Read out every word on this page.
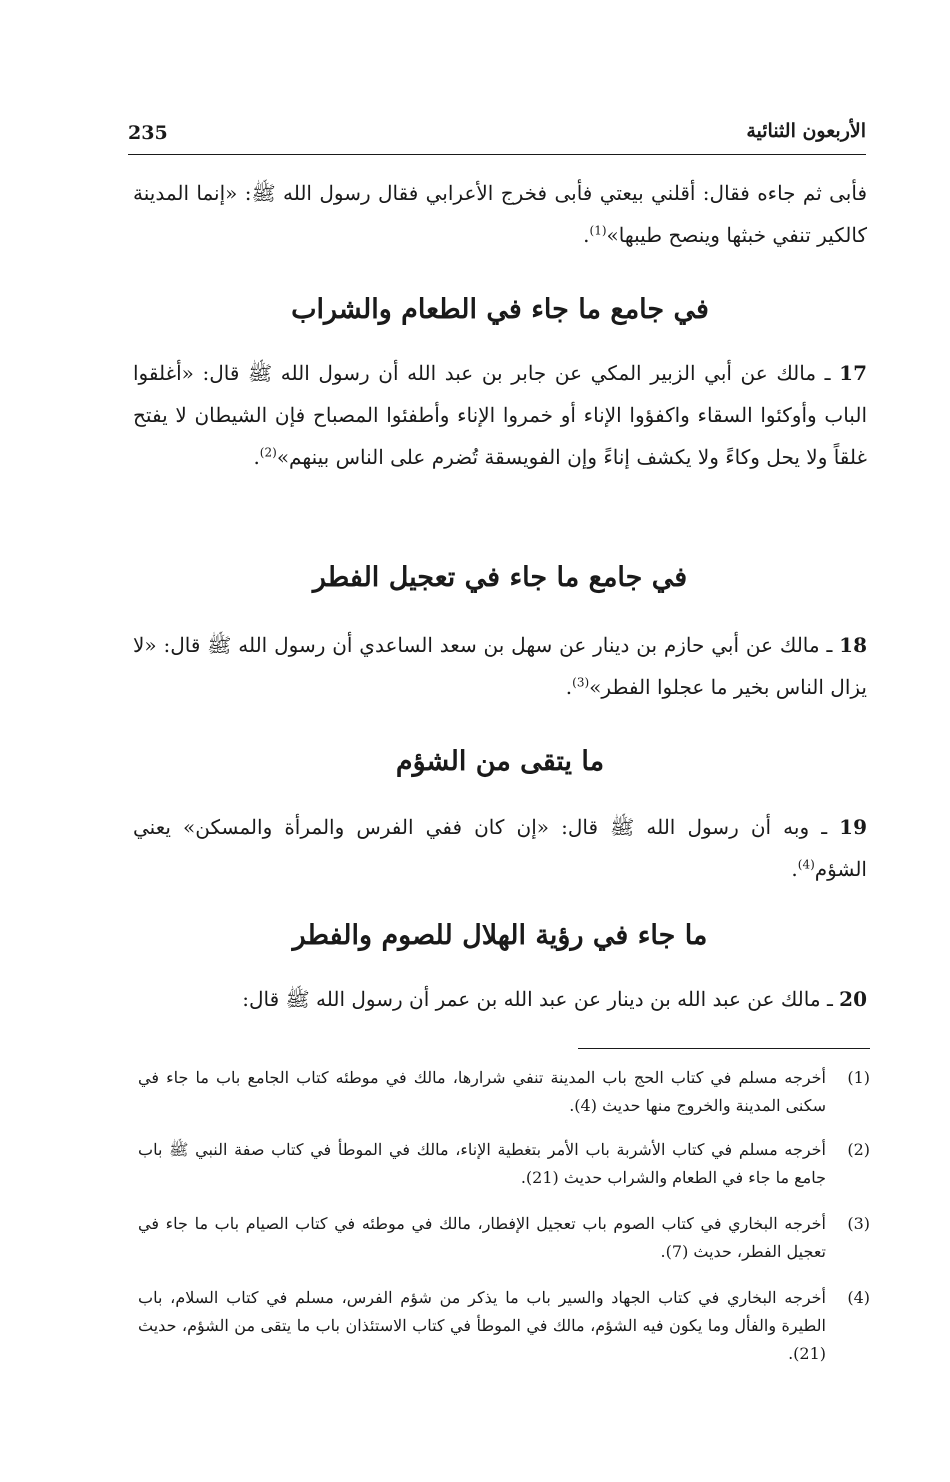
235	الأربعون الثنائية

فأبى ثم جاءه فقال: أقلني بيعتي فأبى فخرج الأعرابي فقال رسول الله ﷺ: «إنما المدينة كالكير تنفي خبثها وينصح طيبها»$^{(1)}$.

في جامع ما جاء في الطعام والشراب

17 ـ مالك عن أبي الزبير المكي عن جابر بن عبد الله أن رسول الله ﷺ قال: «أغلقوا الباب وأوكئوا السقاء واكفؤوا الإناء أو خمروا الإناء وأطفئوا المصباح فإن الشيطان لا يفتح غلقاً ولا يحل وكاءً ولا يكشف إناءً وإن الفويسقة تُضرم على الناس بينهم»$^{(2)}$.

في جامع ما جاء في تعجيل الفطر

18 ـ مالك عن أبي حازم بن دينار عن سهل بن سعد الساعدي أن رسول الله ﷺ قال: «لا يزال الناس بخير ما عجلوا الفطر»$^{(3)}$.

ما يتقى من الشؤم

19 ـ وبه أن رسول الله ﷺ قال: «إن كان ففي الفرس والمرأة والمسكن» يعني الشؤم$^{(4)}$.

ما جاء في رؤية الهلال للصوم والفطر

20 ـ مالك عن عبد الله بن دينار عن عبد الله بن عمر أن رسول الله ﷺ قال:

(1)
أخرجه مسلم في كتاب الحج باب المدينة تنفي شرارها، مالك في موطئه كتاب الجامع باب ما جاء في سكنى المدينة والخروج منها حديث (4).
(2)
أخرجه مسلم في كتاب الأشربة باب الأمر بتغطية الإناء، مالك في الموطأ في كتاب صفة النبي ﷺ باب جامع ما جاء في الطعام والشراب حديث (21).
(3)
أخرجه البخاري في كتاب الصوم باب تعجيل الإفطار، مالك في موطئه في كتاب الصيام باب ما جاء في تعجيل الفطر، حديث (7).
(4)
أخرجه البخاري في كتاب الجهاد والسير باب ما يذكر من شؤم الفرس، مسلم في كتاب السلام، باب الطيرة والفأل وما يكون فيه الشؤم، مالك في الموطأ في كتاب الاستئذان باب ما يتقى من الشؤم، حديث (21).
